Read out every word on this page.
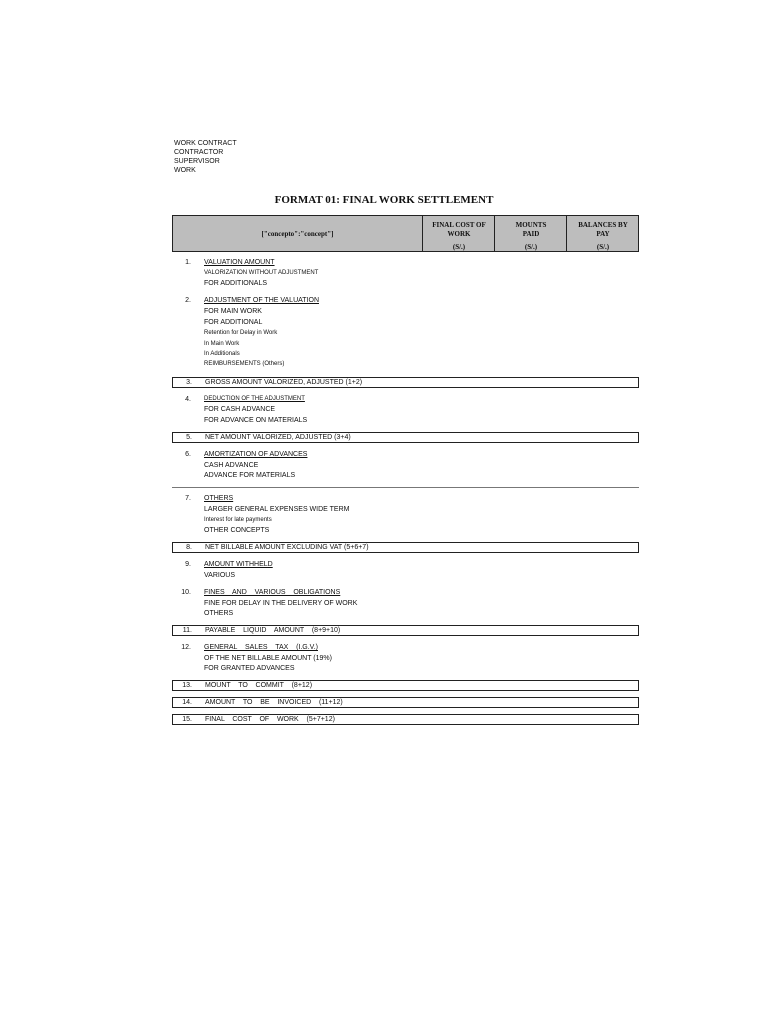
WORK CONTRACT
CONTRACTOR
SUPERVISOR
WORK
FORMAT 01: FINAL WORK SETTLEMENT
["concepto":"concept"]
FINAL COST OF
WORK
(S/.)
MOUNTS
PAID
(S/.)
BALANCES BY
PAY
(S/.)
1. VALUATION AMOUNT
VALORIZATION WITHOUT ADJUSTMENT
FOR ADDITIONALS
2. ADJUSTMENT OF THE VALUATION
FOR MAIN WORK
FOR ADDITIONAL
Retention for Delay in Work
In Main Work
In Additionals
REIMBURSEMENTS (Others)
3. GROSS AMOUNT VALORIZED, ADJUSTED (1+2)
4. DEDUCTION OF THE ADJUSTMENT
FOR CASH ADVANCE
FOR ADVANCE ON MATERIALS
5. NET AMOUNT VALORIZED, ADJUSTED (3+4)
6. AMORTIZATION OF ADVANCES
CASH ADVANCE
ADVANCE FOR MATERIALS
7. OTHERS
LARGER GENERAL EXPENSES WIDE TERM
Interest for late payments
OTHER CONCEPTS
8. NET BILLABLE AMOUNT EXCLUDING VAT (5+6+7)
9. AMOUNT WITHHELD
VARIOUS
10. FINES    AND    VARIOUS    OBLIGATIONS
FINE FOR DELAY IN THE DELIVERY OF WORK
OTHERS
11. PAYABLE    LIQUID    AMOUNT    (8+9+10)
12. GENERAL    SALES    TAX    (I.G.V.)
OF THE NET BILLABLE AMOUNT (19%)
FOR GRANTED ADVANCES
13. MOUNT    TO    COMMIT    (8+12)
14. AMOUNT    TO    BE    INVOICED    (11+12)
15. FINAL    COST    OF    WORK    (5+7+12)
